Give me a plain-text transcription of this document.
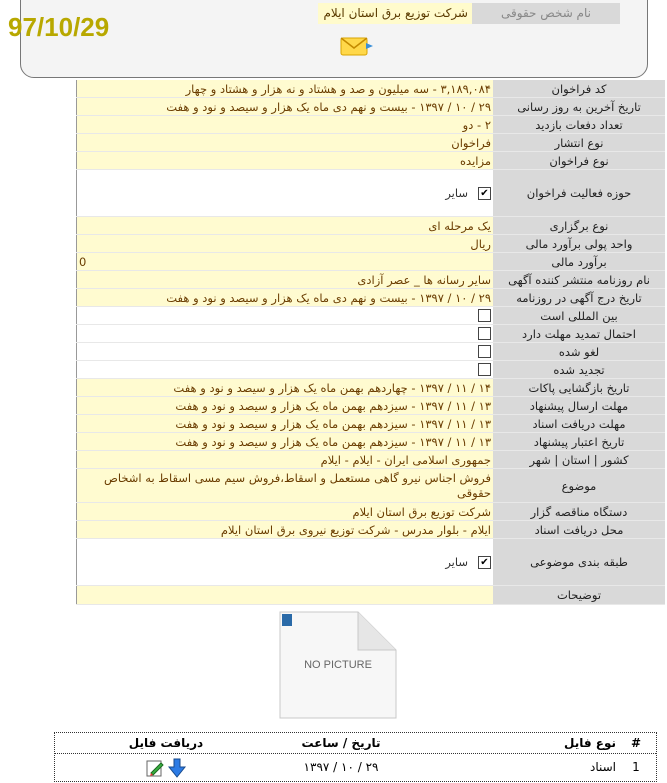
نام شخص حقوقی
شرکت توزیع برق استان ایلام
97/10/29
کد فراخوان
۳,۱۸۹,۰۸۴ - سه میلیون و صد و هشتاد و نه هزار و هشتاد و چهار
تاریخ آخرین به روز رسانی
۲۹ / ۱۰ / ۱۳۹۷ - بیست و نهم دی ماه یک هزار و سیصد و نود و هفت
تعداد دفعات بازدید
۲ - دو
نوع انتشار
فراخوان
نوع فراخوان
مزایده
حوزه فعالیت فراخوان
✔
سایر
نوع برگزاری
یک مرحله ای
واحد پولی برآورد مالی
ریال
برآورد مالی
0
نام روزنامه منتشر کننده آگهی
سایر رسانه ها _ عصر آزادی
تاریخ درج آگهی در روزنامه
۲۹ / ۱۰ / ۱۳۹۷ - بیست و نهم دی ماه یک هزار و سیصد و نود و هفت
بین المللی است
احتمال تمدید مهلت دارد
لغو شده
تجدید شده
تاریخ بازگشایی پاکات
۱۴ / ۱۱ / ۱۳۹۷ - چهاردهم بهمن ماه یک هزار و سیصد و نود و هفت
مهلت ارسال پیشنهاد
۱۳ / ۱۱ / ۱۳۹۷ - سیزدهم بهمن ماه یک هزار و سیصد و نود و هفت
مهلت دریافت اسناد
۱۳ / ۱۱ / ۱۳۹۷ - سیزدهم بهمن ماه یک هزار و سیصد و نود و هفت
تاریخ اعتبار پیشنهاد
۱۳ / ۱۱ / ۱۳۹۷ - سیزدهم بهمن ماه یک هزار و سیصد و نود و هفت
کشور | استان | شهر
جمهوری اسلامی ایران - ایلام - ایلام
موضوع
فروش اجناس نیرو گاهی مستعمل و اسقاط،فروش سیم مسی اسقاط به اشخاص حقوقی
دستگاه مناقصه گزار
شرکت توزیع برق استان ایلام
محل دریافت اسناد
ایلام - بلوار مدرس - شرکت توزیع نیروی برق استان ایلام
طبقه بندی موضوعی
✔
سایر
توضیحات
NO PICTURE
#
نوع فایل
تاریخ / ساعت
دریافت فایل
1
اسناد
۱۳۹۷ / ۱۰ / ۲۹
